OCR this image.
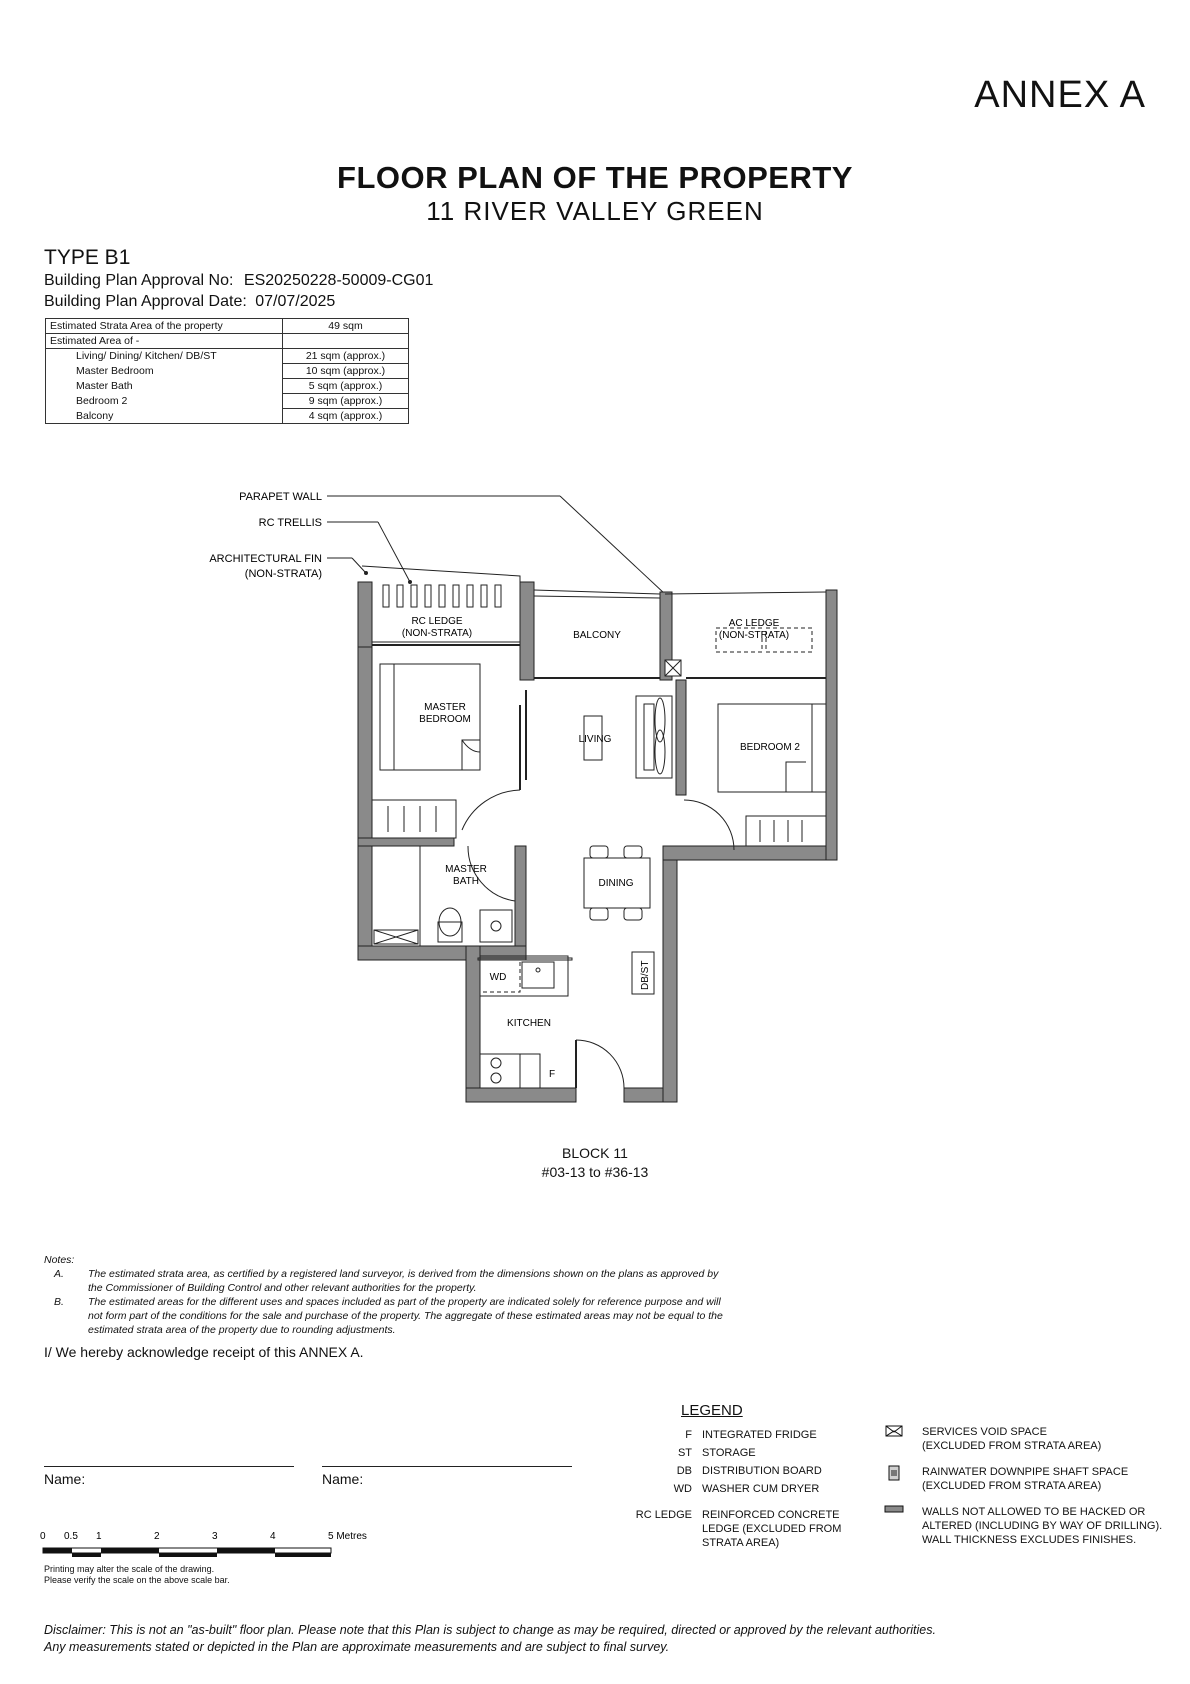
ANNEX A
FLOOR PLAN OF THE PROPERTY
11 RIVER VALLEY GREEN
TYPE B1
Building Plan Approval No: ES20250228-50009-CG01
Building Plan Approval Date: 07/07/2025
Estimated Strata Area of the property	49 sqm
Estimated Area of -	
Living/ Dining/ Kitchen/ DB/ST	21 sqm (approx.)
Master Bedroom	10 sqm (approx.)
Master Bath	5 sqm (approx.)
Bedroom 2	9 sqm (approx.)
Balcony	4 sqm (approx.)
PARAPET WALL
RC TRELLIS
ARCHITECTURAL FIN
(NON-STRATA)
RC LEDGE
(NON-STRATA)	BALCONY
AC LEDGE
(NON-STRATA)
MASTER
BEDROOM
LIVING
BEDROOM 2
MASTER
BATH	DINING
WD	DB/ST
KITCHEN
F
BLOCK 11
#03-13 to #36-13
Notes:
A.	The estimated strata area, as certified by a registered land surveyor, is derived from the dimensions shown on the plans as approved by the Commissioner of Building Control and other relevant authorities for the property.
B.	The estimated areas for the different uses and spaces included as part of the property are indicated solely for reference purpose and will not form part of the conditions for the sale and purchase of the property. The aggregate of these estimated areas may not be equal to the estimated strata area of the property due to rounding adjustments.
I/ We hereby acknowledge receipt of this ANNEX A.
Name:	Name:
0 0.5 1	2	3	4	5 Metres
Printing may alter the scale of the drawing.
Please verify the scale on the above scale bar.
LEGEND
F INTEGRATED FRIDGE
ST STORAGE
DB DISTRIBUTION BOARD
WD WASHER CUM DRYER
RC LEDGE REINFORCED CONCRETE
LEDGE (EXCLUDED FROM
STRATA AREA)
SERVICES VOID SPACE
(EXCLUDED FROM STRATA AREA)
RAINWATER DOWNPIPE SHAFT SPACE
(EXCLUDED FROM STRATA AREA)
WALLS NOT ALLOWED TO BE HACKED OR
ALTERED (INCLUDING BY WAY OF DRILLING).
WALL THICKNESS EXCLUDES FINISHES.
Disclaimer: This is not an "as-built" floor plan. Please note that this Plan is subject to change as may be required, directed or approved by the relevant authorities.
Any measurements stated or depicted in the Plan are approximate measurements and are subject to final survey.
